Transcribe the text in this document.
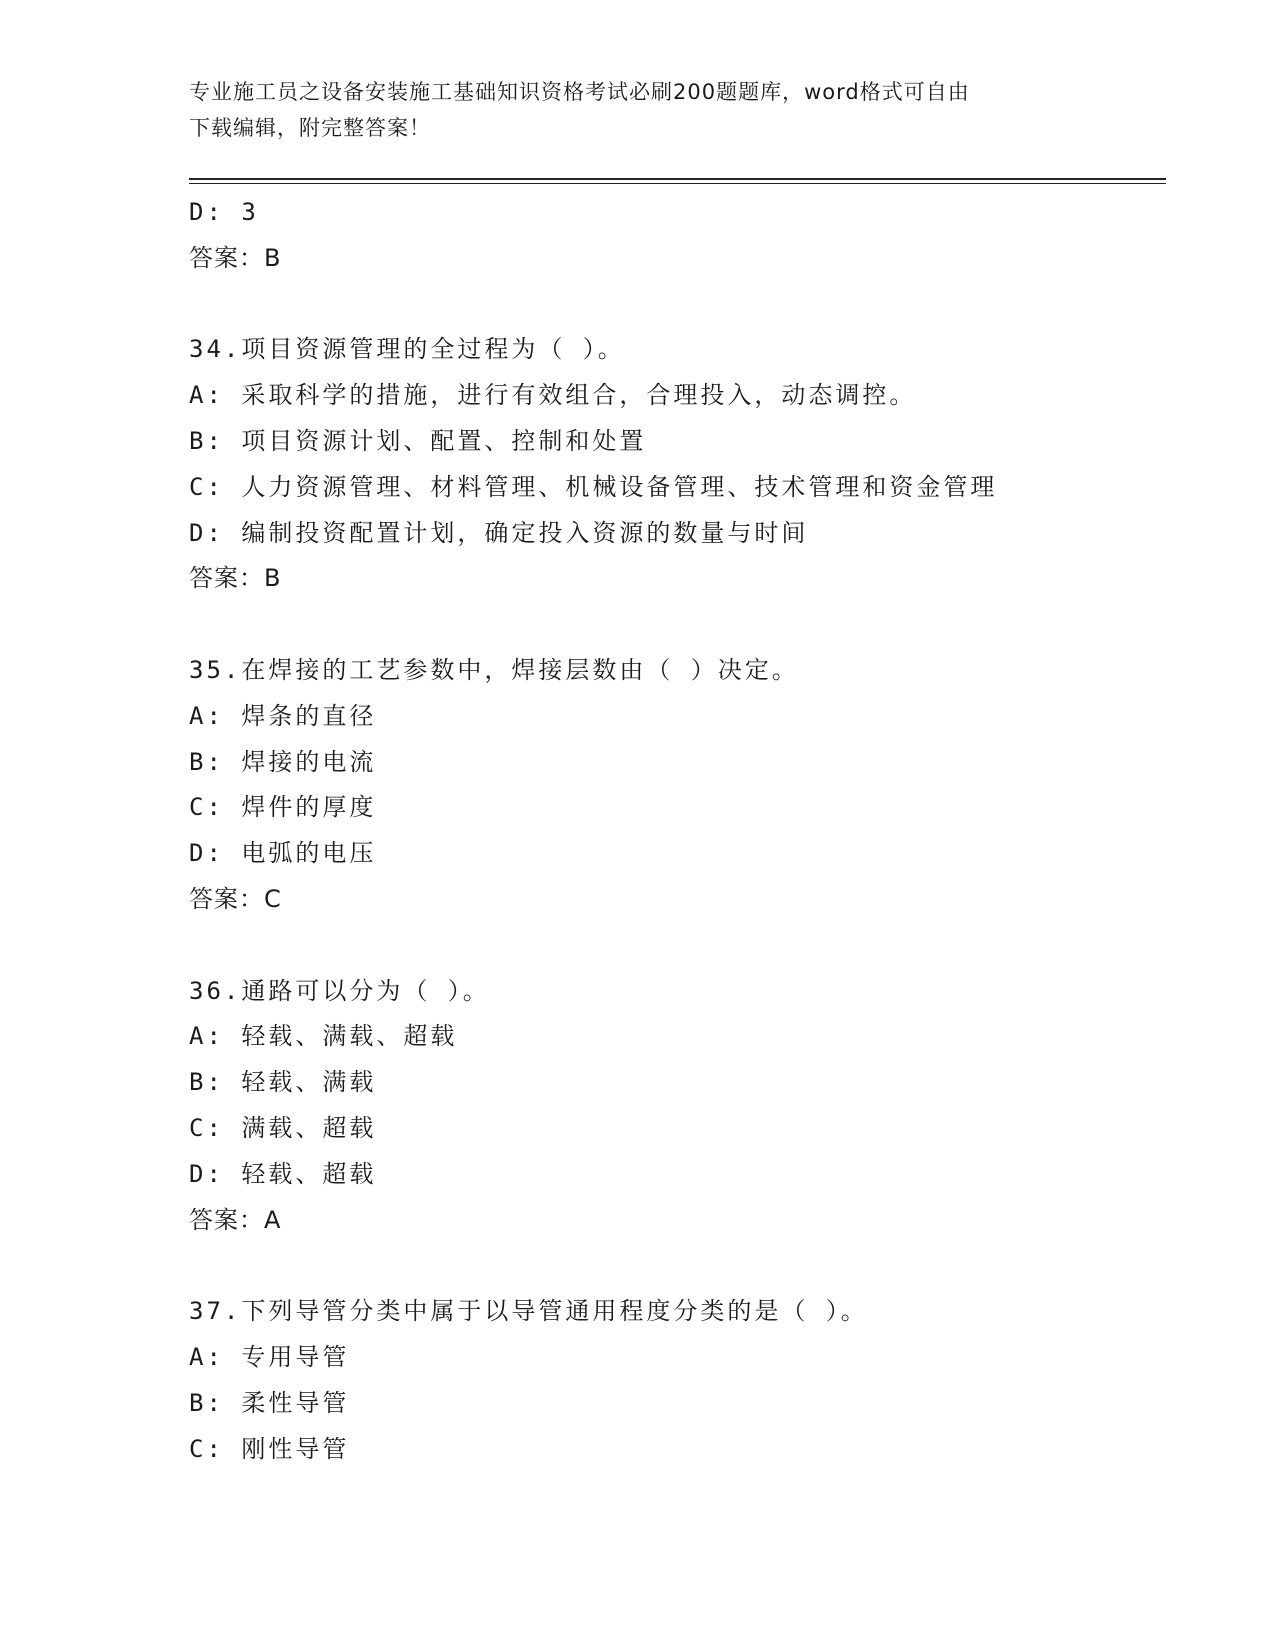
专业施工员之设备安装施工基础知识资格考试必刷200题题库，word格式可自由
下载编辑，附完整答案！
D: 3
答案：B
34.项目资源管理的全过程为（ ）。
A: 采取科学的措施，进行有效组合，合理投入，动态调控。
B: 项目资源计划、配置、控制和处置
C: 人力资源管理、材料管理、机械设备管理、技术管理和资金管理
D: 编制投资配置计划，确定投入资源的数量与时间
答案：B
35.在焊接的工艺参数中，焊接层数由（ ）决定。
A: 焊条的直径
B: 焊接的电流
C: 焊件的厚度
D: 电弧的电压
答案：C
36.通路可以分为（ ）。
A: 轻载、满载、超载
B: 轻载、满载
C: 满载、超载
D: 轻载、超载
答案：A
37.下列导管分类中属于以导管通用程度分类的是（ ）。
A: 专用导管
B: 柔性导管
C: 刚性导管
